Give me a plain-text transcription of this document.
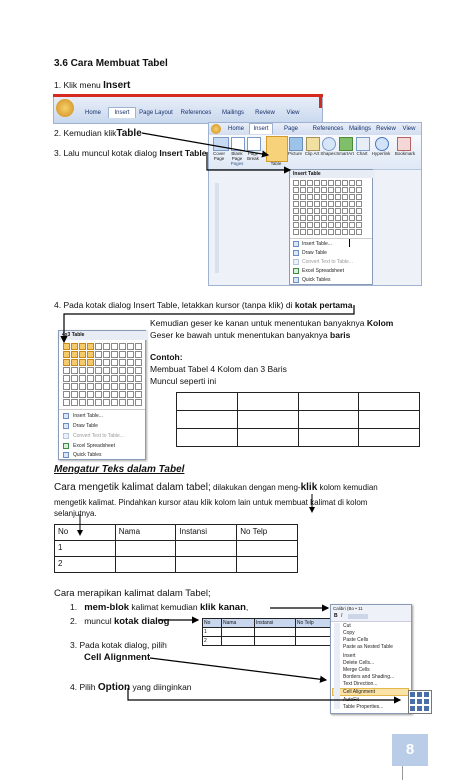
3.6 Cara Membuat Tabel
1. Klik menu Insert
2. Kemudian klikTable
3. Lalu muncul kotak dialog Insert Table
Home	Insert	Page Layout	References	Mailings	Review	View
Home	Insert	Page	References Mailings Review	View
Cover Page
Blank Page
Page Break
Table
Picture Clip Art Shapes SmartArt Chart Hyperlink Bookmark
Pages
Insert Table
Insert Table...
Draw Table
Convert Text to Table...
Excel Spreadsheet
Quick Tables
4. Pada kotak dialog Insert Table, letakkan kursor (tanpa klik) di kotak pertama
4x3 Table
Insert Table...
Draw Table
Convert Text to Table...
Excel Spreadsheet
Quick Tables
Kemudian geser ke kanan untuk menentukan banyaknya Kolom
Geser ke bawah untuk menentukan banyaknya baris
Contoh:
Membuat Tabel 4 Kolom dan 3 Baris
Muncul seperti ini

Mengatur Teks dalam Tabel
Cara mengetik kalimat dalam tabel; dilakukan dengan meng-klik kolom kemudian
mengetik kalimat. Pindahkan kursor atau klik kolom lain untuk membuat kalimat di kolom
selanjutnya.
No	Nama	Instansi	No Telp
1			
2			
Cara merapikan kalimat dalam Tabel;
1. mem-blok kalimat kemudian klik kanan,
2. muncul kotak dialog
3. Pada kotak dialog, pilih
Cell Alignment
4. Pilih Option yang diinginkan
No	Nama	Instansi	No Telp
1			
2			
Calibri (Bo • 11
B I
Cut
Copy
Paste Cells
Paste as Nested Table
Insert
Delete Cells...
Merge Cells
Borders and Shading...
Text Direction...
Cell Alignment
AutoFit
Table Properties...
8
